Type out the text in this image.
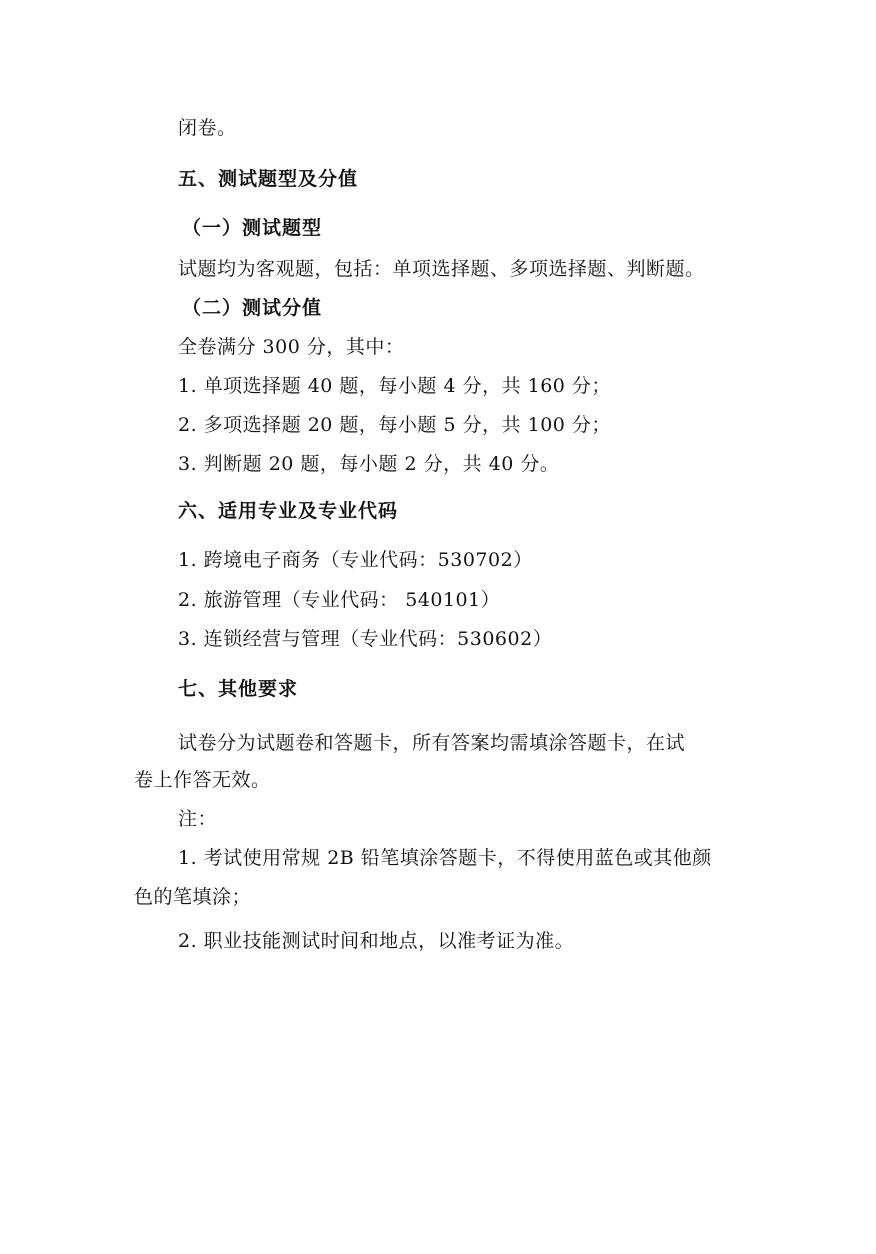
闭卷。
五、测试题型及分值
（一）测试题型
试题均为客观题，包括：单项选择题、多项选择题、判断题。
（二）测试分值
全卷满分 300 分，其中：
1. 单项选择题 40 题，每小题 4 分，共 160 分；
2. 多项选择题 20 题，每小题 5 分，共 100 分；
3. 判断题 20 题，每小题 2 分，共 40 分。
六、适用专业及专业代码
1. 跨境电子商务（专业代码：530702）
2. 旅游管理（专业代码： 540101）
3. 连锁经营与管理（专业代码：530602）
七、其他要求
试卷分为试题卷和答题卡，所有答案均需填涂答题卡，在试
卷上作答无效。
注：
1. 考试使用常规 2B 铅笔填涂答题卡，不得使用蓝色或其他颜
色的笔填涂；
2. 职业技能测试时间和地点，以准考证为准。
